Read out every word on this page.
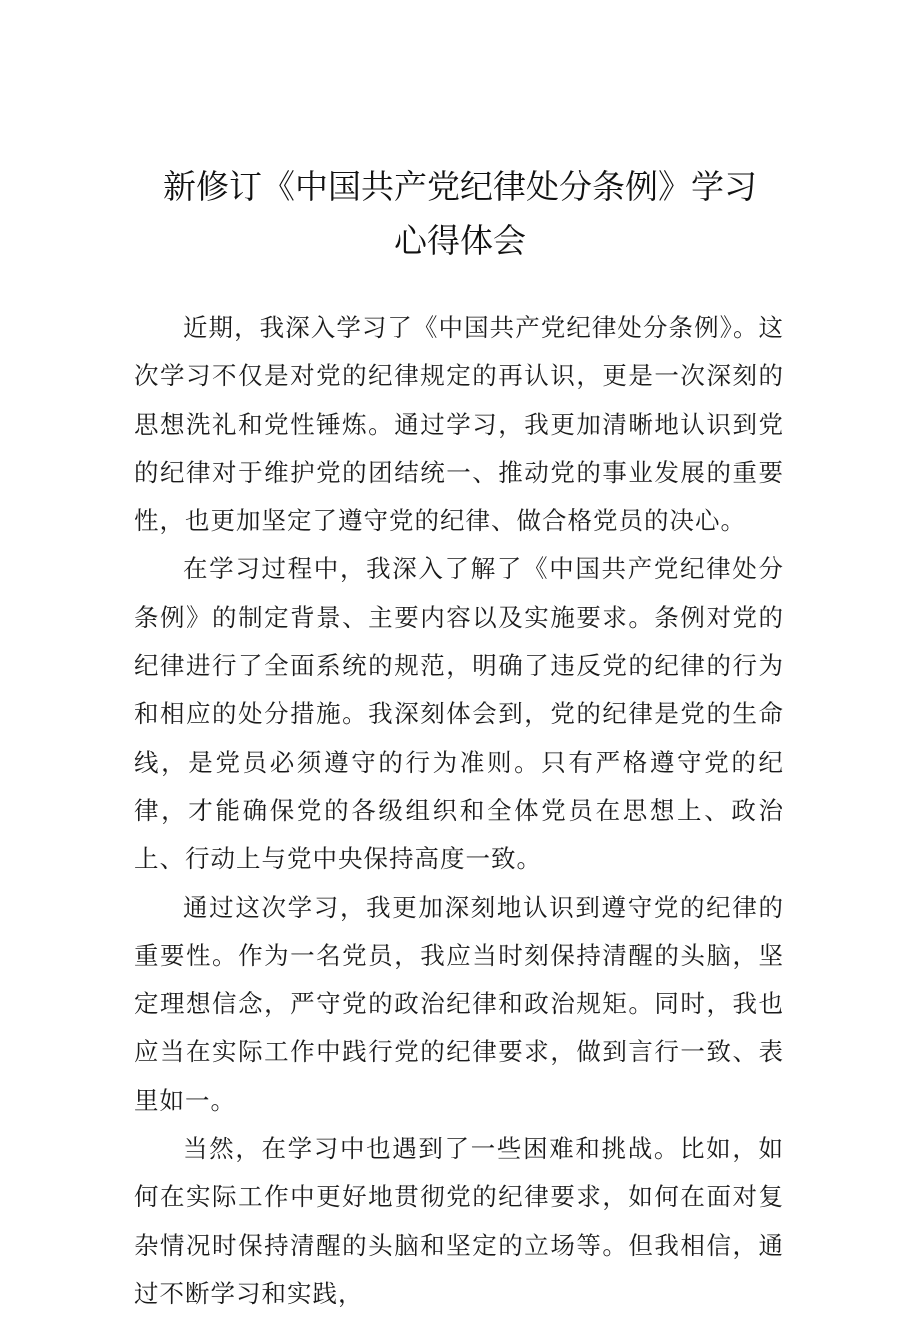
新修订《中国共产党纪律处分条例》学习
心得体会

近期，我深入学习了《中国共产党纪律处分条例》。这次学习不仅是对党的纪律规定的再认识，更是一次深刻的思想洗礼和党性锤炼。通过学习，我更加清晰地认识到党的纪律对于维护党的团结统一、推动党的事业发展的重要性，也更加坚定了遵守党的纪律、做合格党员的决心。

在学习过程中，我深入了解了《中国共产党纪律处分条例》的制定背景、主要内容以及实施要求。条例对党的纪律进行了全面系统的规范，明确了违反党的纪律的行为和相应的处分措施。我深刻体会到，党的纪律是党的生命线，是党员必须遵守的行为准则。只有严格遵守党的纪律，才能确保党的各级组织和全体党员在思想上、政治上、行动上与党中央保持高度一致。

通过这次学习，我更加深刻地认识到遵守党的纪律的重要性。作为一名党员，我应当时刻保持清醒的头脑，坚定理想信念，严守党的政治纪律和政治规矩。同时，我也应当在实际工作中践行党的纪律要求，做到言行一致、表里如一。

当然，在学习中也遇到了一些困难和挑战。比如，如何在实际工作中更好地贯彻党的纪律要求，如何在面对复杂情况时保持清醒的头脑和坚定的立场等。但我相信，通过不断学习和实践，
